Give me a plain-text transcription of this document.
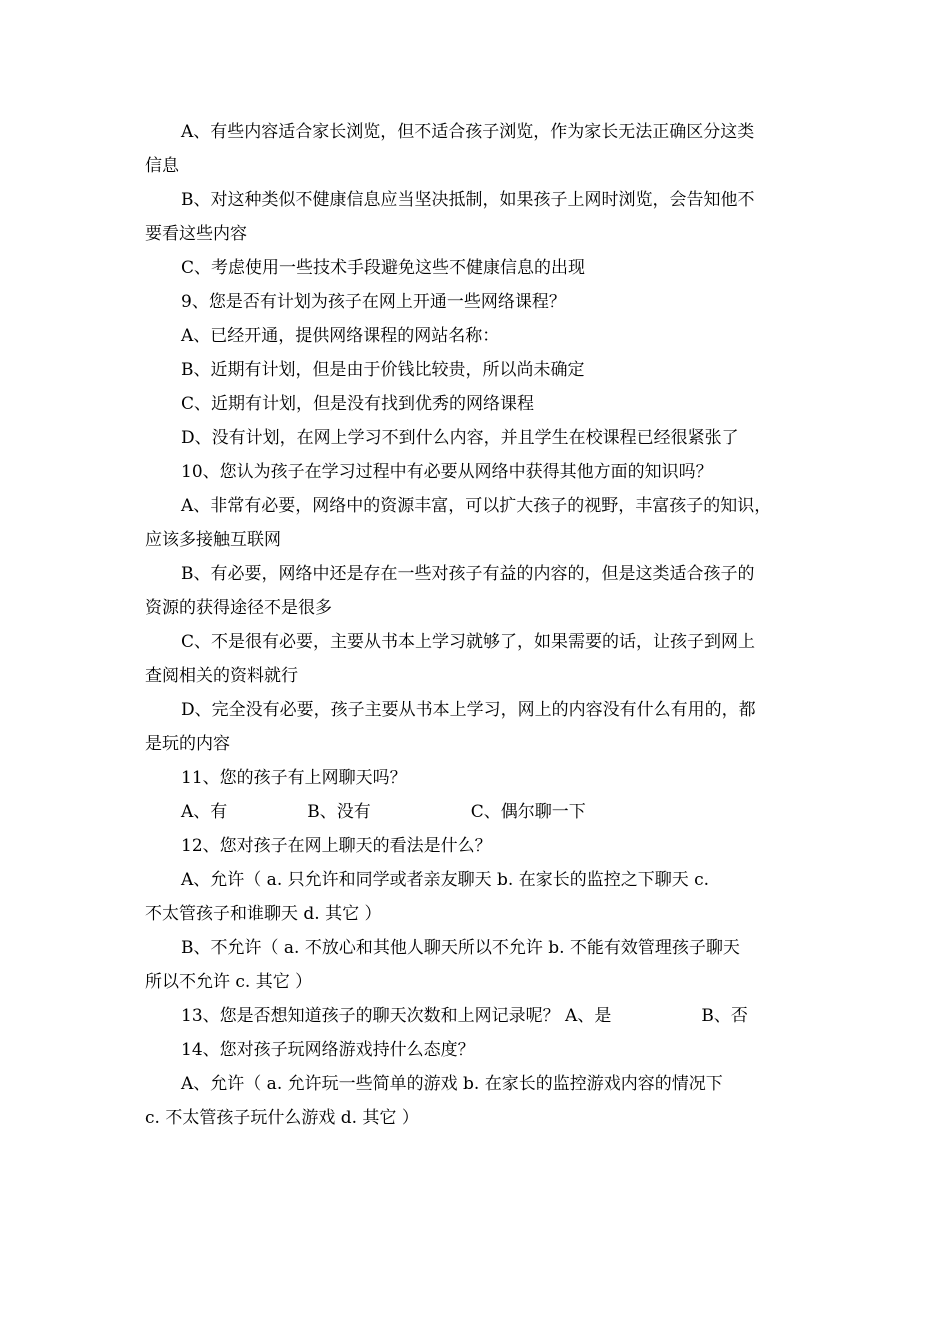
A、有些内容适合家长浏览，但不适合孩子浏览，作为家长无法正确区分这类
信息
B、对这种类似不健康信息应当坚决抵制，如果孩子上网时浏览，会告知他不
要看这些内容
C、考虑使用一些技术手段避免这些不健康信息的出现
9、您是否有计划为孩子在网上开通一些网络课程？
A、已经开通，提供网络课程的网站名称：
B、近期有计划，但是由于价钱比较贵，所以尚未确定
C、近期有计划，但是没有找到优秀的网络课程
D、没有计划，在网上学习不到什么内容，并且学生在校课程已经很紧张了
10、您认为孩子在学习过程中有必要从网络中获得其他方面的知识吗？
A、非常有必要，网络中的资源丰富，可以扩大孩子的视野，丰富孩子的知识，
应该多接触互联网
B、有必要，网络中还是存在一些对孩子有益的内容的，但是这类适合孩子的
资源的获得途径不是很多
C、不是很有必要，主要从书本上学习就够了，如果需要的话，让孩子到网上
查阅相关的资料就行
D、完全没有必要，孩子主要从书本上学习，网上的内容没有什么有用的，都
是玩的内容
11、您的孩子有上网聊天吗？
A、有	B、没有	C、偶尔聊一下
12、您对孩子在网上聊天的看法是什么？
A、允许（ a. 只允许和同学或者亲友聊天 b. 在家长的监控之下聊天 c.
不太管孩子和谁聊天 d. 其它 ）
B、不允许（ a. 不放心和其他人聊天所以不允许 b. 不能有效管理孩子聊天
所以不允许 c. 其它 ）
13、您是否想知道孩子的聊天次数和上网记录呢？ A、是	B、否
14、您对孩子玩网络游戏持什么态度？
A、允许（ a. 允许玩一些简单的游戏 b. 在家长的监控游戏内容的情况下
c. 不太管孩子玩什么游戏 d. 其它 ）
